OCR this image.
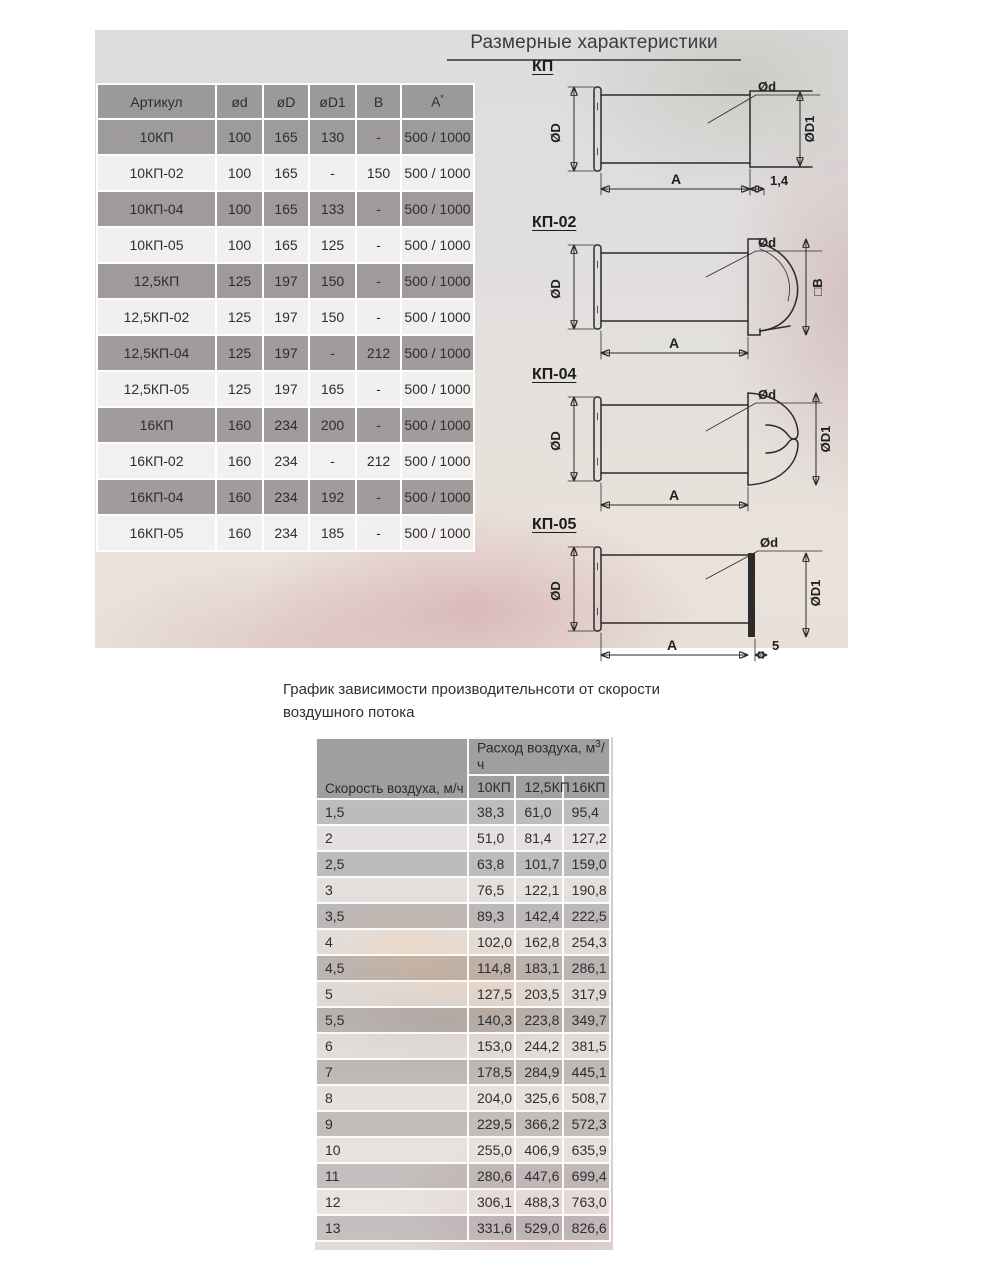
Размерные характеристики
Артикул	ød	øD	øD1	B	A*
10КП	100	165	130	-	500 / 1000
10КП-02	100	165	-	150	500 / 1000
10КП-04	100	165	133	-	500 / 1000
10КП-05	100	165	125	-	500 / 1000
12,5КП	125	197	150	-	500 / 1000
12,5КП-02	125	197	150	-	500 / 1000
12,5КП-04	125	197	-	212	500 / 1000
12,5КП-05	125	197	165	-	500 / 1000
16КП	160	234	200	-	500 / 1000
16КП-02	160	234	-	212	500 / 1000
16КП-04	160	234	192	-	500 / 1000
16КП-05	160	234	185	-	500 / 1000
КП
ØD
Ød
ØD1
A	1,4
КП-02
ØD
Ød
□B
A
КП-04
ØD
Ød
ØD1
A
КП-05
ØD
Ød
ØD1
A	5

График зависимости производительнсоти от скорости воздушного потока

Скорость воздуха, м/ч	Расход воздуха, $м^3/ч$		
	10КП	12,5КП	16КП
1,5	38,3	61,0	95,4
2	51,0	81,4	127,2
2,5	63,8	101,7	159,0
3	76,5	122,1	190,8
3,5	89,3	142,4	222,5
4	102,0	162,8	254,3
4,5	114,8	183,1	286,1
5	127,5	203,5	317,9
5,5	140,3	223,8	349,7
6	153,0	244,2	381,5
7	178,5	284,9	445,1
8	204,0	325,6	508,7
9	229,5	366,2	572,3
10	255,0	406,9	635,9
11	280,6	447,6	699,4
12	306,1	488,3	763,0
13	331,6	529,0	826,6
